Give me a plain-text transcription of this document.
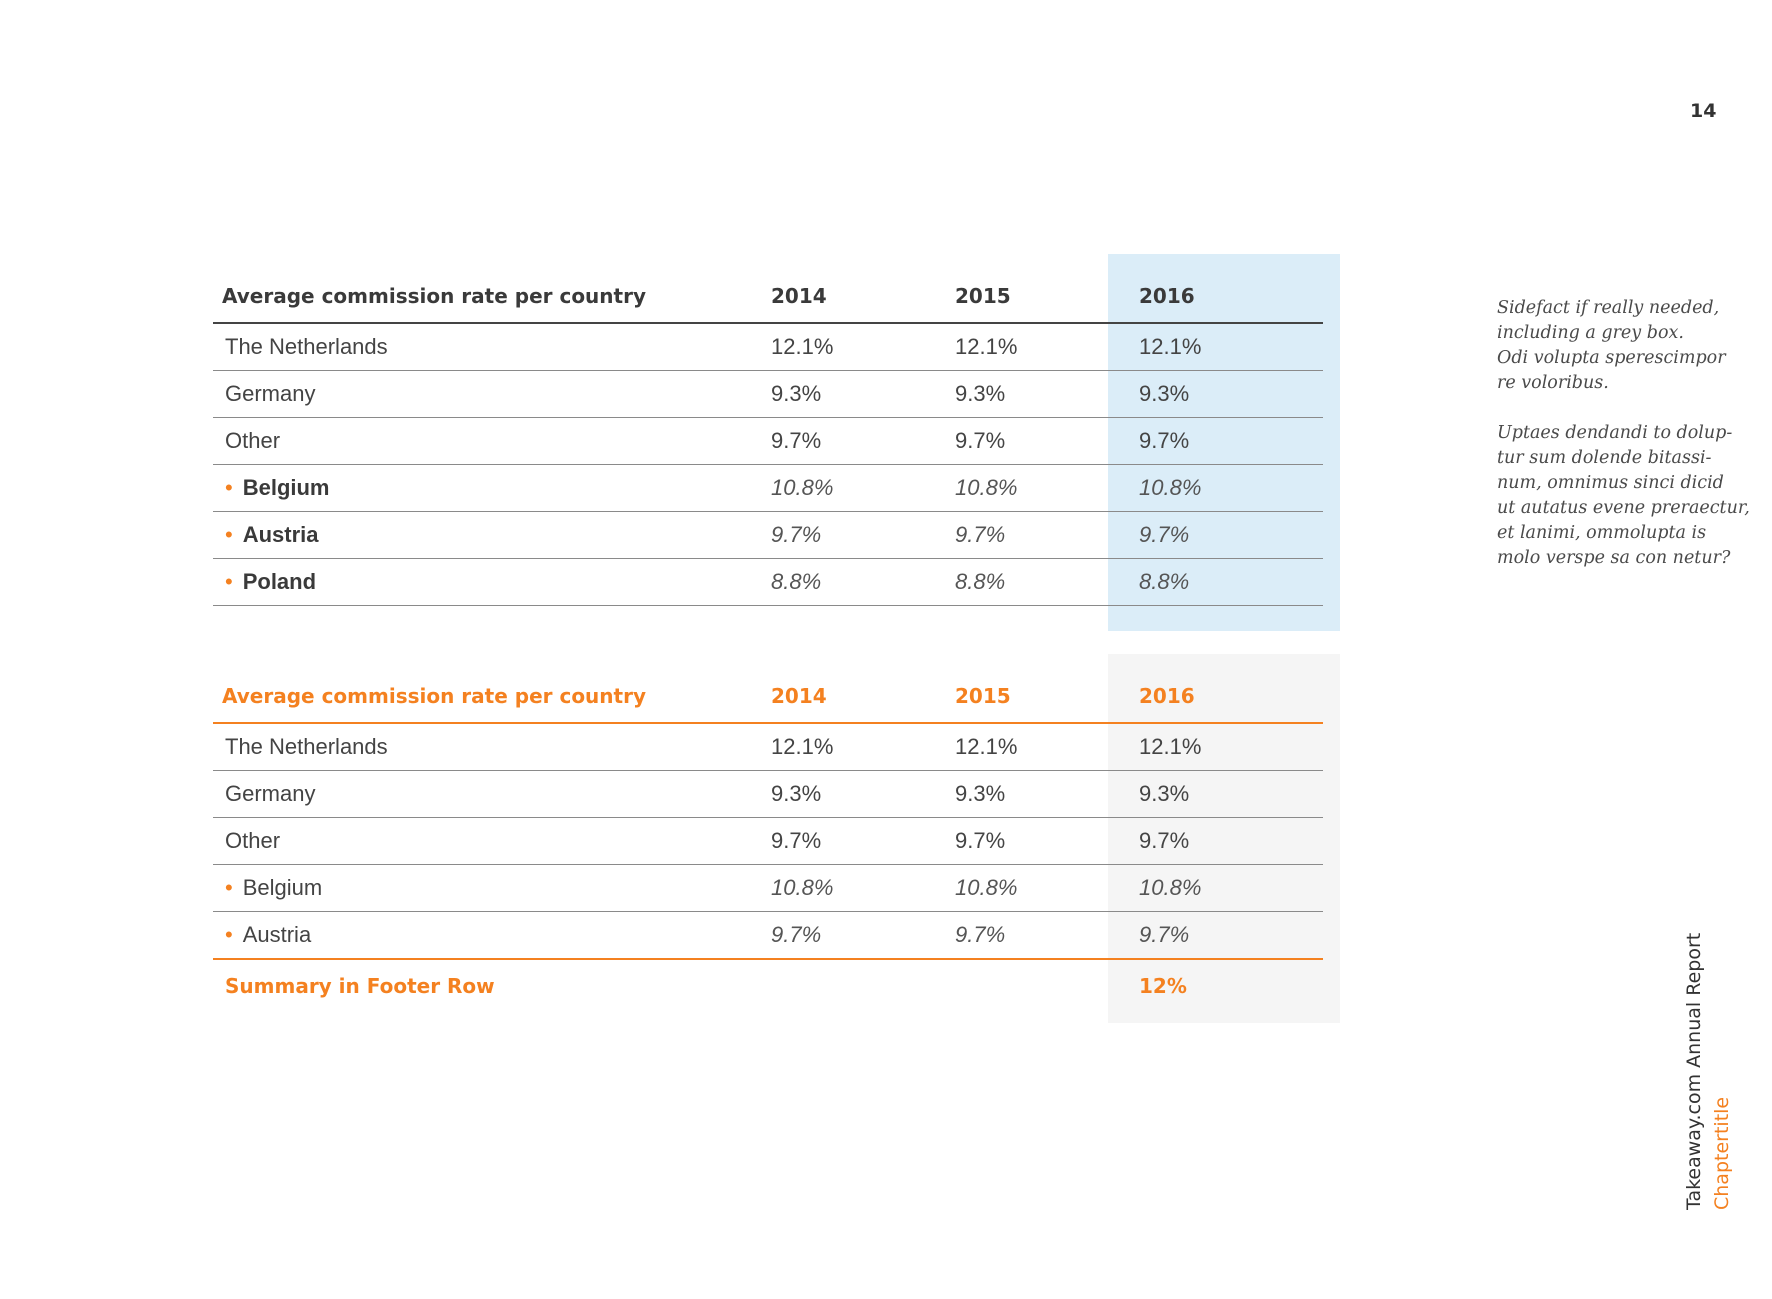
14
Average commission rate per country	2014	2015	2016
The Netherlands	12.1%	12.1%	12.1%
Germany	9.3%	9.3%	9.3%
Other	9.7%	9.7%	9.7%
• Belgium	10.8%	10.8%	10.8%
• Austria	9.7%	9.7%	9.7%
• Poland	8.8%	8.8%	8.8%
Average commission rate per country	2014	2015	2016
The Netherlands	12.1%	12.1%	12.1%
Germany	9.3%	9.3%	9.3%
Other	9.7%	9.7%	9.7%
• Belgium	10.8%	10.8%	10.8%
• Austria	9.7%	9.7%	9.7%
Summary in Footer Row			12%

Sidefact if really needed,
including a grey box.
Odi volupta sperescimpor
re voloribus.

Uptaes dendandi to dolup-
tur sum dolende bitassi-
num, omnimus sinci dicid
ut autatus evene preraectur,
et lanimi, ommolupta is
molo verspe sa con netur?

Takeaway.com Annual Report Chaptertitle
